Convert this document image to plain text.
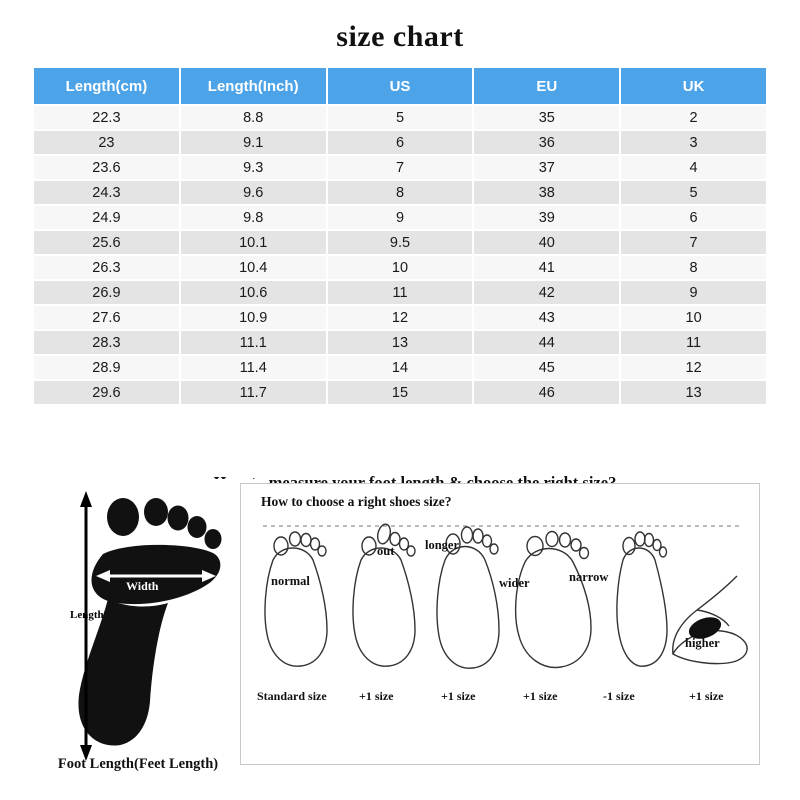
size chart
Length(cm)	Length(Inch)	US	EU	UK
22.3	8.8	5	35	2
23	9.1	6	36	3
23.6	9.3	7	37	4
24.3	9.6	8	38	5
24.9	9.8	9	39	6
25.6	10.1	9.5	40	7
26.3	10.4	10	41	8
26.9	10.6	11	42	9
27.6	10.9	12	43	10
28.3	11.1	13	44	11
28.9	11.4	14	45	12
29.6	11.7	15	46	13
Width
Length
Foot Length(Feet Length)
How to choose a right shoes size?
normal
out longer
wider	narrow
higher
Standard size	+1 size	+1 size	+1 size	-1 size	+1 size
